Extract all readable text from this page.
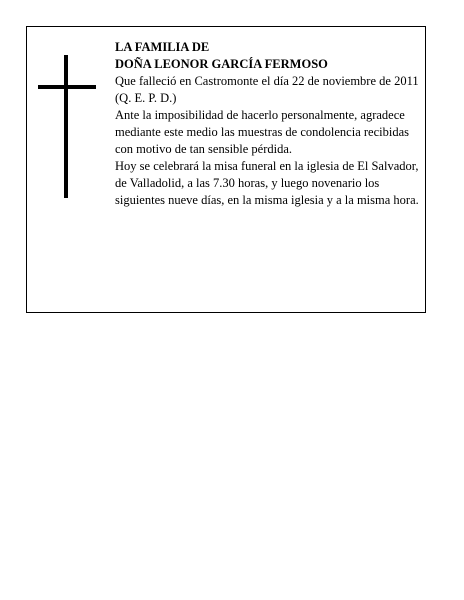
LA FAMILIA DE
DOÑA LEONOR GARCÍA FERMOSO
Que falleció en Castromonte el día 22 de noviembre de 2011
(Q. E. P. D.)
Ante la imposibilidad de hacerlo personalmente, agradece mediante este medio las muestras de condolencia recibidas con motivo de tan sensible pérdida.
Hoy se celebrará la misa funeral en la iglesia de El Salvador, de Valladolid, a las 7.30 horas, y luego novenario los siguientes nueve días, en la misma iglesia y a la misma hora.
